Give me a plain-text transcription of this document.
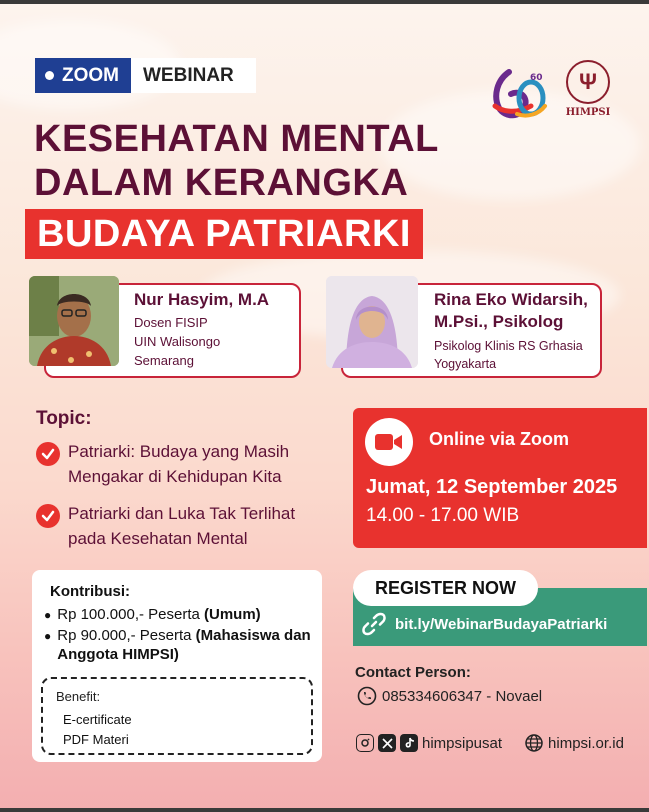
ZOOM	WEBINAR	60	Ψ
HIMPSI
KESEHATAN MENTAL
DALAM KERANGKA
BUDAYA PATRIARKI
Nur Hasyim, M.A
Dosen FISIP
UIN Walisongo
Semarang
Rina Eko Widarsih,
M.Psi., Psikolog
Psikolog Klinis RS Grhasia
Yogyakarta
Topic:
Patriarki: Budaya yang Masih
Mengakar di Kehidupan Kita
Patriarki dan Luka Tak Terlihat
pada Kesehatan Mental
Online via Zoom
Jumat, 12 September 2025
14.00 - 17.00 WIB
Kontribusi:
● Rp 100.000,- Peserta (Umum)
● Rp 90.000,- Peserta (Mahasiswa dan Anggota HIMPSI)
Benefit:
E-certificate
PDF Materi
REGISTER NOW
bit.ly/WebinarBudayaPatriarki
Contact Person:
085334606347 - Novael
himpsipusat	himpsi.or.id
